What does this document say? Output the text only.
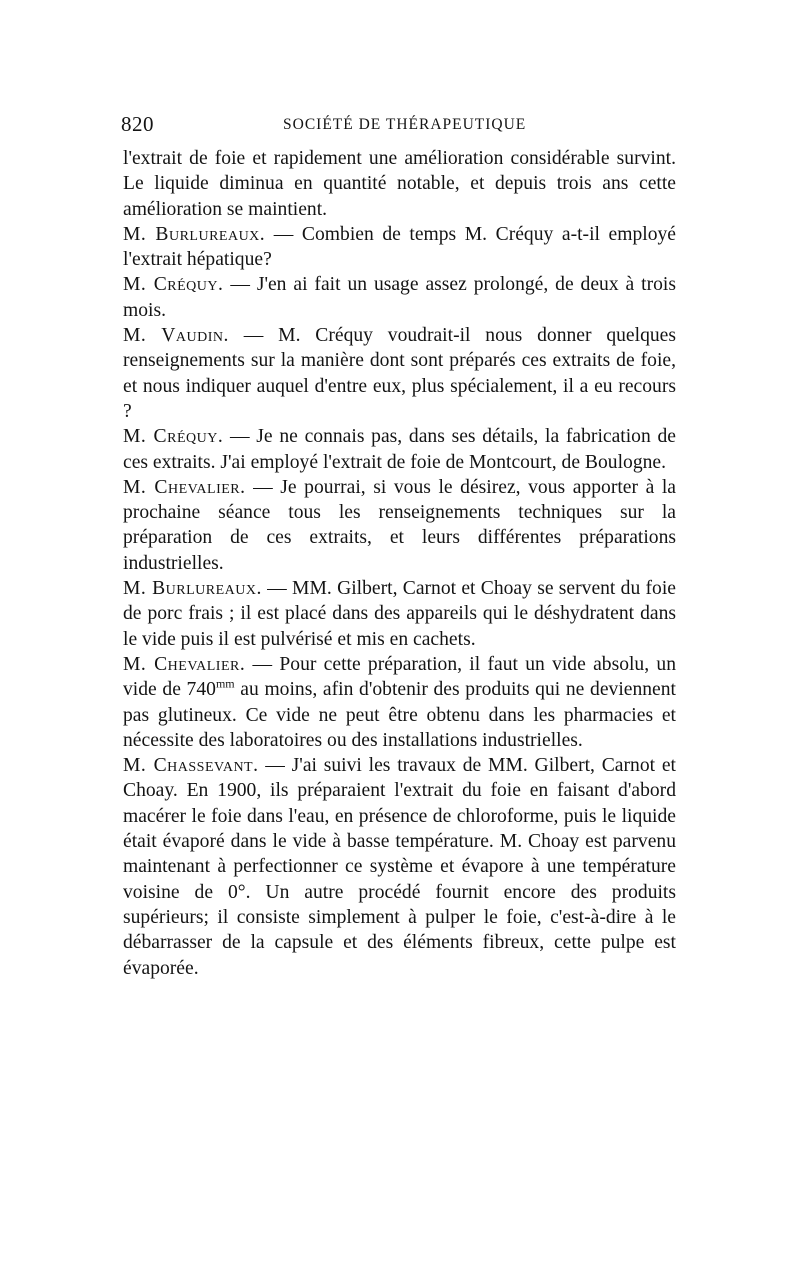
820	SOCIÉTÉ DE THÉRAPEUTIQUE

l'extrait de foie et rapidement une amélioration considérable survint. Le liquide diminua en quantité notable, et depuis trois ans cette amélioration se maintient.

M. Burlureaux. — Combien de temps M. Créquy a-t-il employé l'extrait hépatique?

M. Créquy. — J'en ai fait un usage assez prolongé, de deux à trois mois.

M. Vaudin. — M. Créquy voudrait-il nous donner quelques renseignements sur la manière dont sont préparés ces extraits de foie, et nous indiquer auquel d'entre eux, plus spécialement, il a eu recours ?

M. Créquy. — Je ne connais pas, dans ses détails, la fabrication de ces extraits. J'ai employé l'extrait de foie de Montcourt, de Boulogne.

M. Chevalier. — Je pourrai, si vous le désirez, vous apporter à la prochaine séance tous les renseignements techniques sur la préparation de ces extraits, et leurs différentes préparations industrielles.

M. Burlureaux. — MM. Gilbert, Carnot et Choay se servent du foie de porc frais ; il est placé dans des appareils qui le déshydratent dans le vide puis il est pulvérisé et mis en cachets.

M. Chevalier. — Pour cette préparation, il faut un vide absolu, un vide de $740^{mm}$ au moins, afin d'obtenir des produits qui ne deviennent pas glutineux. Ce vide ne peut être obtenu dans les pharmacies et nécessite des laboratoires ou des installations industrielles.

M. Chassevant. — J'ai suivi les travaux de MM. Gilbert, Carnot et Choay. En 1900, ils préparaient l'extrait du foie en faisant d'abord macérer le foie dans l'eau, en présence de chloroforme, puis le liquide était évaporé dans le vide à basse température. M. Choay est parvenu maintenant à perfectionner ce système et évapore à une température voisine de 0°. Un autre procédé fournit encore des produits supérieurs; il consiste simplement à pulper le foie, c'est-à-dire à le débarrasser de la capsule et des éléments fibreux, cette pulpe est évaporée.
